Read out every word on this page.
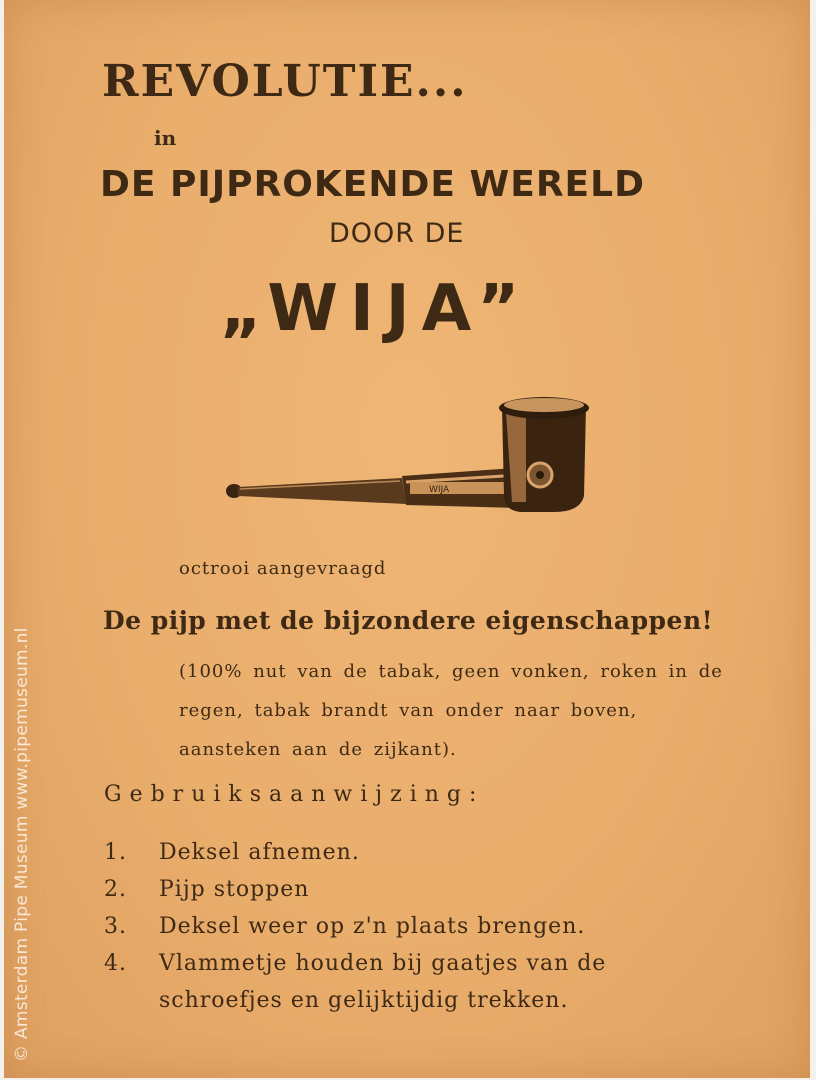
REVOLUTIE...
in
DE PIJPROKENDE WERELD
DOOR DE
„WIJA”
WIJA
octrooi aangevraagd
De pijp met de bijzondere eigenschappen!
(100% nut van de tabak, geen vonken, roken in de regen, tabak brandt van onder naar boven, aansteken aan de zijkant).
Gebruiksaanwijzing:
1. Deksel afnemen.
2. Pijp stoppen
3. Deksel weer op z'n plaats brengen.
4. Vlammetje houden bij gaatjes van de schroefjes en gelijktijdig trekken.
© Amsterdam Pipe Museum www.pipemuseum.nl
